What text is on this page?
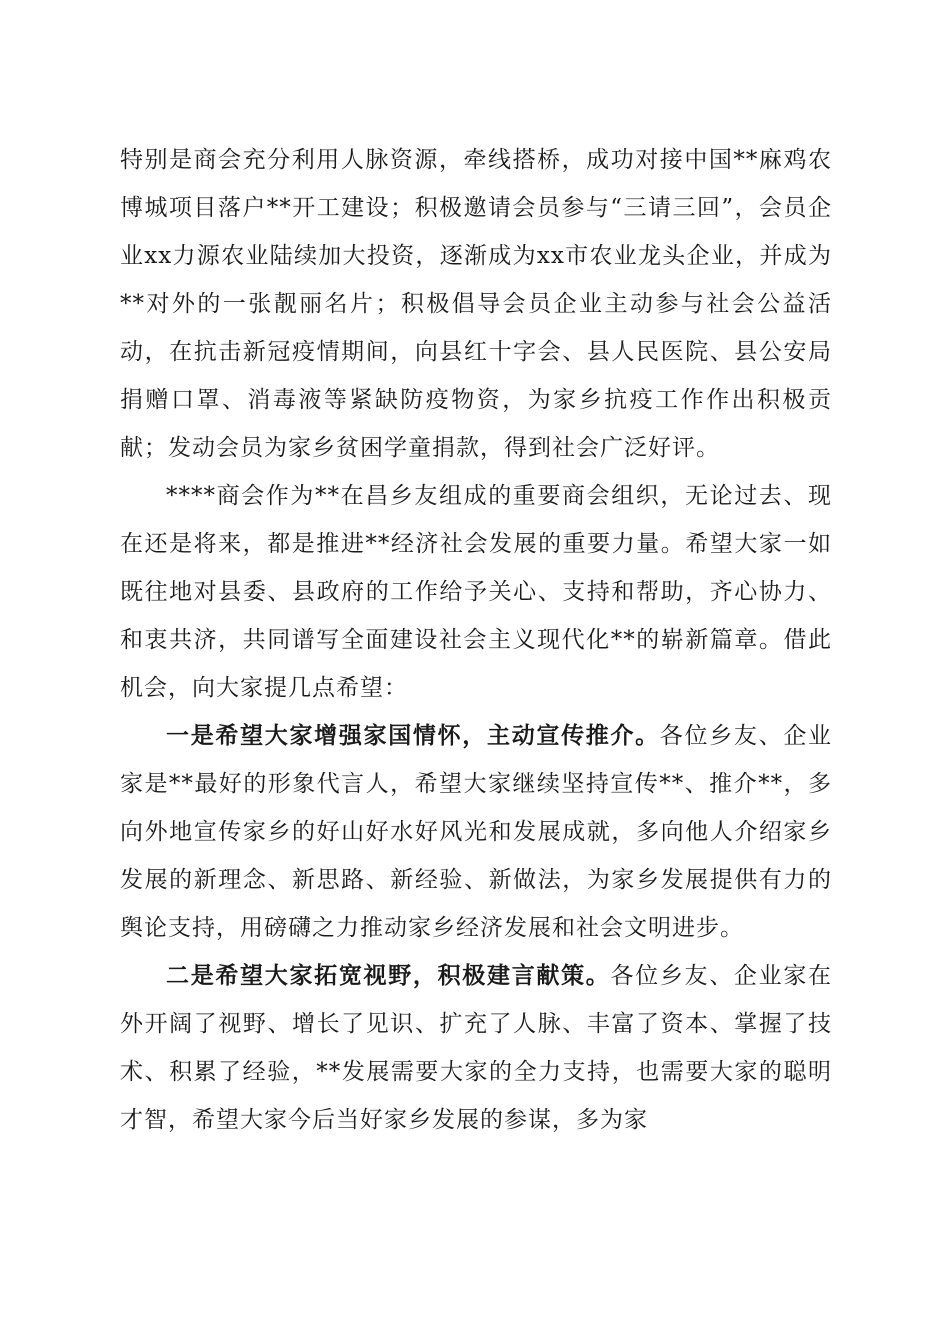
特别是商会充分利用人脉资源，牵线搭桥，成功对接中国**麻鸡农博城项目落户**开工建设；积极邀请会员参与“三请三回”，会员企业xx力源农业陆续加大投资，逐渐成为xx市农业龙头企业，并成为**对外的一张靓丽名片；积极倡导会员企业主动参与社会公益活动，在抗击新冠疫情期间，向县红十字会、县人民医院、县公安局捐赠口罩、消毒液等紧缺防疫物资，为家乡抗疫工作作出积极贡献；发动会员为家乡贫困学童捐款，得到社会广泛好评。

****商会作为**在昌乡友组成的重要商会组织，无论过去、现在还是将来，都是推进**经济社会发展的重要力量。希望大家一如既往地对县委、县政府的工作给予关心、支持和帮助，齐心协力、和衷共济，共同谱写全面建设社会主义现代化**的崭新篇章。借此机会，向大家提几点希望：

一是希望大家增强家国情怀，主动宣传推介。各位乡友、企业家是**最好的形象代言人，希望大家继续坚持宣传**、推介**，多向外地宣传家乡的好山好水好风光和发展成就，多向他人介绍家乡发展的新理念、新思路、新经验、新做法，为家乡发展提供有力的舆论支持，用磅礴之力推动家乡经济发展和社会文明进步。

二是希望大家拓宽视野，积极建言献策。各位乡友、企业家在外开阔了视野、增长了见识、扩充了人脉、丰富了资本、掌握了技术、积累了经验，**发展需要大家的全力支持，也需要大家的聪明才智，希望大家今后当好家乡发展的参谋，多为家
